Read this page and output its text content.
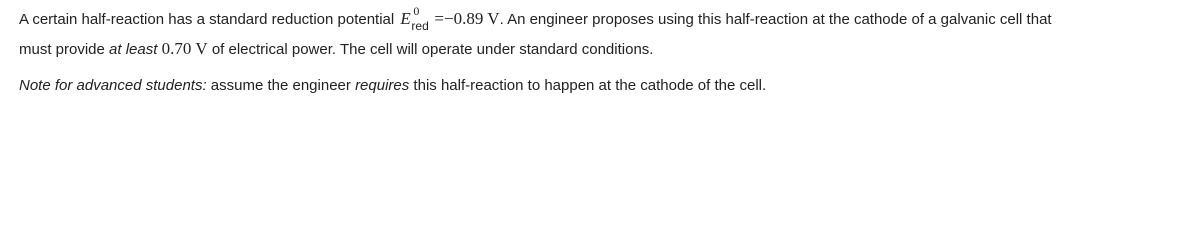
A certain half-reaction has a standard reduction potential E 0
red =−0.89 V. An engineer proposes using this half-reaction at the cathode of a galvanic cell that
must provide at least 0.70 V of electrical power. The cell will operate under standard conditions.
Note for advanced students: assume the engineer requires this half-reaction to happen at the cathode of the cell.
